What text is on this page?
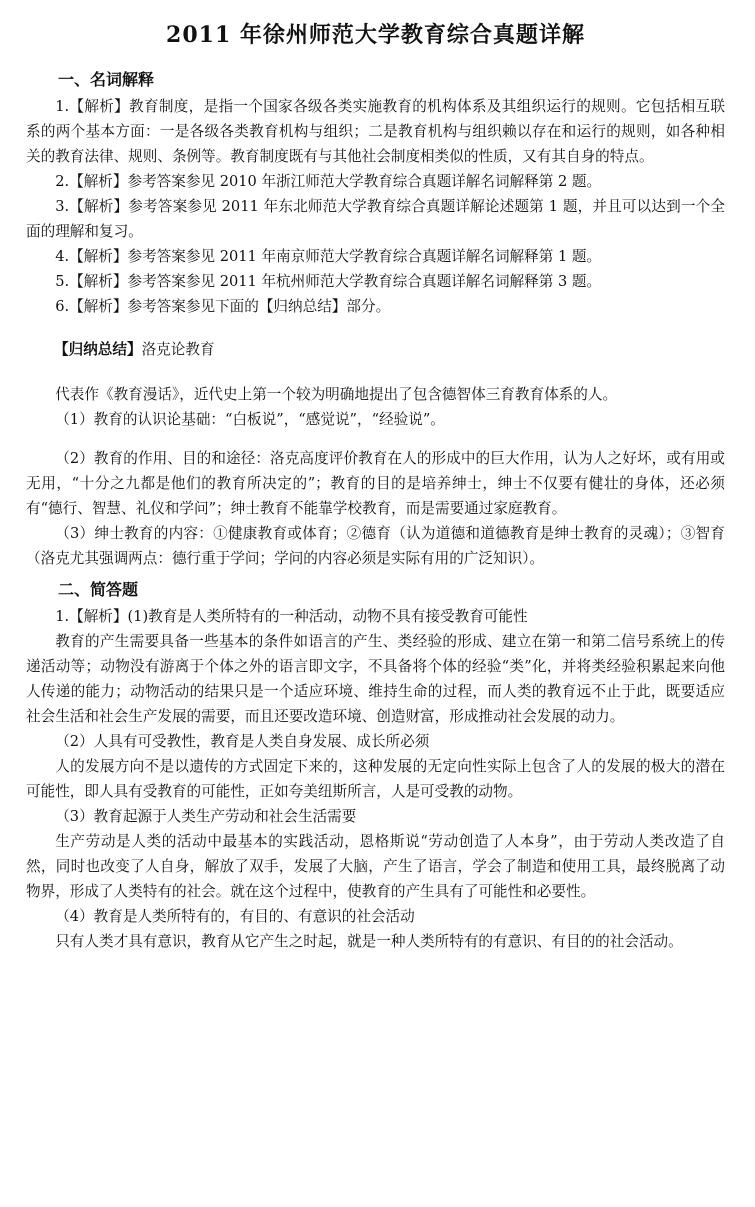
2011 年徐州师范大学教育综合真题详解
一、名词解释

1.【解析】教育制度，是指一个国家各级各类实施教育的机构体系及其组织运行的规则。它包括相互联系的两个基本方面：一是各级各类教育机构与组织；二是教育机构与组织赖以存在和运行的规则，如各种相关的教育法律、规则、条例等。教育制度既有与其他社会制度相类似的性质，又有其自身的特点。

2.【解析】参考答案参见 2010 年浙江师范大学教育综合真题详解名词解释第 2 题。

3.【解析】参考答案参见 2011 年东北师范大学教育综合真题详解论述题第 1 题，并且可以达到一个全面的理解和复习。

4.【解析】参考答案参见 2011 年南京师范大学教育综合真题详解名词解释第 1 题。

5.【解析】参考答案参见 2011 年杭州师范大学教育综合真题详解名词解释第 3 题。

6.【解析】参考答案参见下面的【归纳总结】部分。

【归纳总结】洛克论教育

代表作《教育漫话》，近代史上第一个较为明确地提出了包含德智体三育教育体系的人。

（1）教育的认识论基础：“白板说”，“感觉说”，“经验说”。

（2）教育的作用、目的和途径：洛克高度评价教育在人的形成中的巨大作用，认为人之好坏，或有用或无用，“十分之九都是他们的教育所决定的”；教育的目的是培养绅士，绅士不仅要有健壮的身体，还必须有“德行、智慧、礼仪和学问”；绅士教育不能靠学校教育，而是需要通过家庭教育。

（3）绅士教育的内容：①健康教育或体育；②德育（认为道德和道德教育是绅士教育的灵魂）；③智育（洛克尤其强调两点：德行重于学问；学问的内容必须是实际有用的广泛知识）。

二、简答题

1.【解析】(1)教育是人类所特有的一种活动，动物不具有接受教育可能性

教育的产生需要具备一些基本的条件如语言的产生、类经验的形成、建立在第一和第二信号系统上的传递活动等；动物没有游离于个体之外的语言即文字，不具备将个体的经验“类”化，并将类经验积累起来向他人传递的能力；动物活动的结果只是一个适应环境、维持生命的过程，而人类的教育远不止于此，既要适应社会生活和社会生产发展的需要，而且还要改造环境、创造财富，形成推动社会发展的动力。

（2）人具有可受教性，教育是人类自身发展、成长所必须

人的发展方向不是以遗传的方式固定下来的，这种发展的无定向性实际上包含了人的发展的极大的潜在可能性，即人具有受教育的可能性，正如夸美纽斯所言，人是可受教的动物。

（3）教育起源于人类生产劳动和社会生活需要

生产劳动是人类的活动中最基本的实践活动，恩格斯说“劳动创造了人本身”，由于劳动人类改造了自然，同时也改变了人自身，解放了双手，发展了大脑，产生了语言，学会了制造和使用工具，最终脱离了动物界，形成了人类特有的社会。就在这个过程中，使教育的产生具有了可能性和必要性。

（4）教育是人类所特有的，有目的、有意识的社会活动

只有人类才具有意识，教育从它产生之时起，就是一种人类所特有的有意识、有目的的社会活动。
